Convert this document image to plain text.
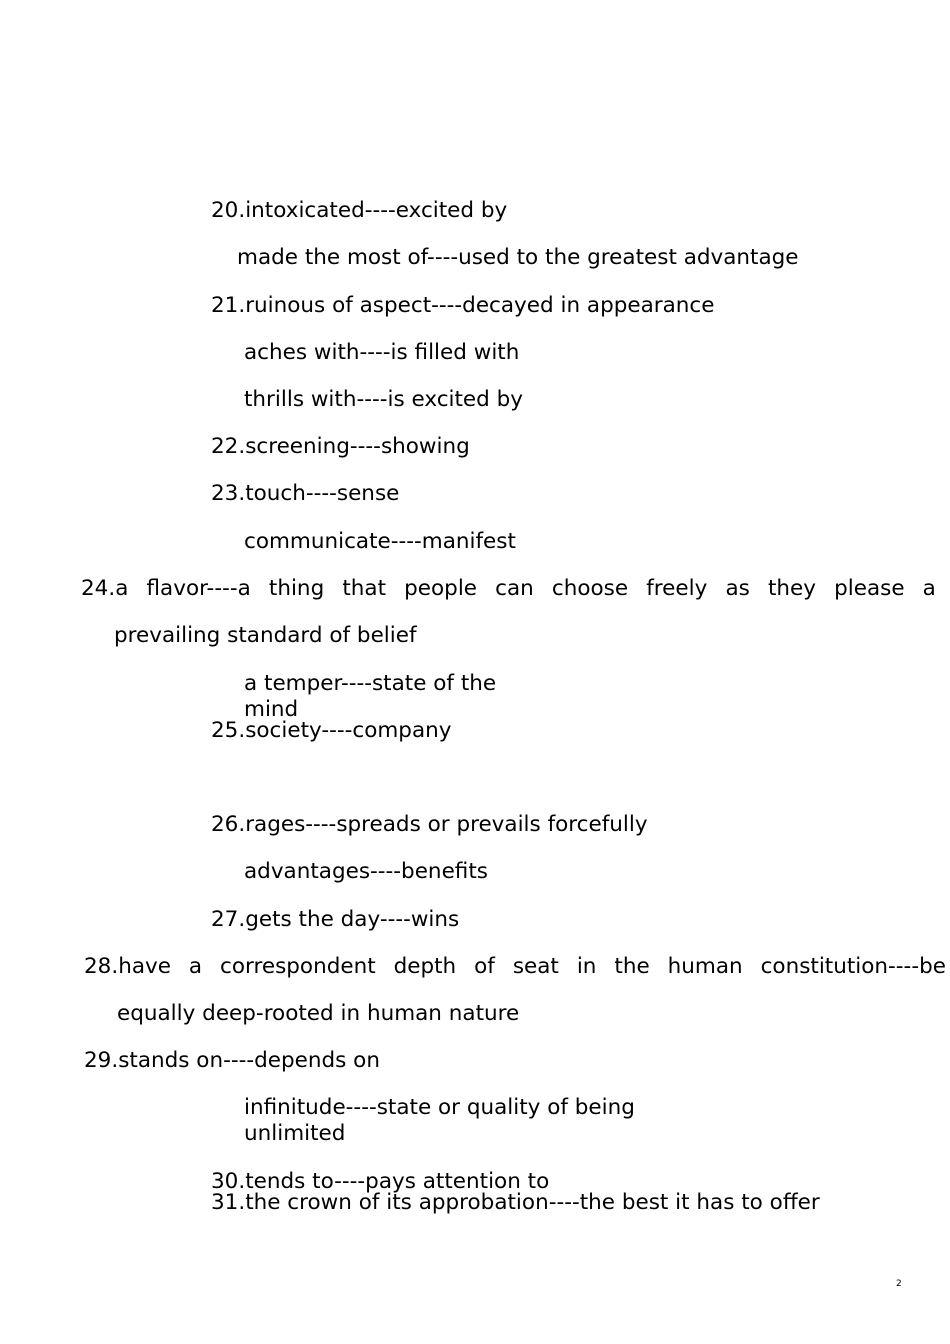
20.intoxicated----excited by
made the most of----used to the greatest advantage
21.ruinous of aspect----decayed in appearance
aches with----is filled with
thrills with----is excited by
22.screening----showing
23.touch----sense
communicate----manifest
24.a flavor----a thing that people can choose freely as they please a
prevailing standard of belief
a temper----state of the mind
25.society----company
26.rages----spreads or prevails forcefully
advantages----benefits
27.gets the day----wins
28.have a correspondent depth of seat in the human constitution----be
equally deep-rooted in human nature
29.stands on----depends on
infinitude----state or quality of being unlimited
30.tends to----pays attention to
31.the crown of its approbation----the best it has to offer
2
